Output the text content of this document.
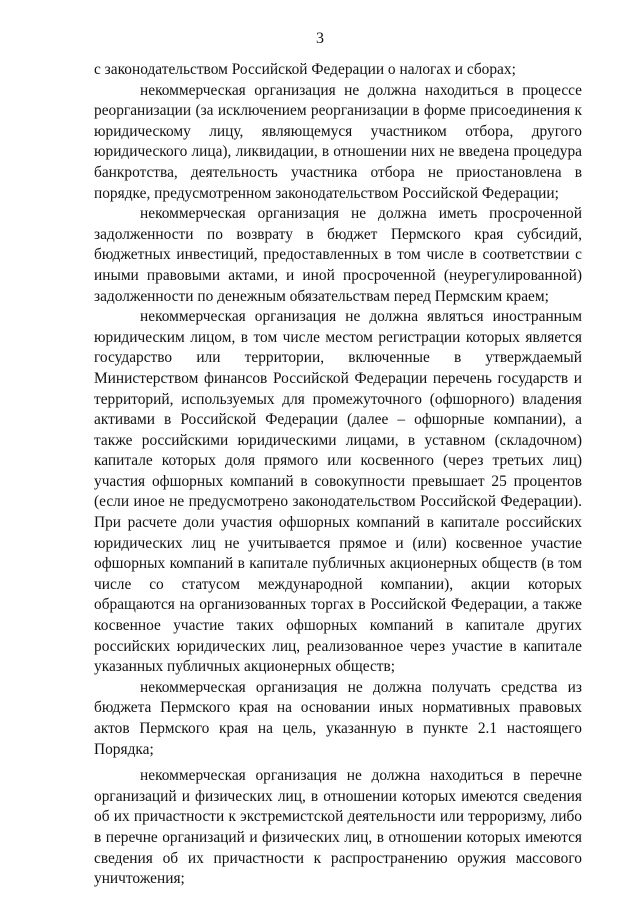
3

с законодательством Российской Федерации о налогах и сборах;

некоммерческая организация не должна находиться в процессе реорганизации (за исключением реорганизации в форме присоединения к юридическому лицу, являющемуся участником отбора, другого юридического лица), ликвидации, в отношении них не введена процедура банкротства, деятельность участника отбора не приостановлена в порядке, предусмотренном законодательством Российской Федерации;

некоммерческая организация не должна иметь просроченной задолженности по возврату в бюджет Пермского края субсидий, бюджетных инвестиций, предоставленных в том числе в соответствии с иными правовыми актами, и иной просроченной (неурегулированной) задолженности по денежным обязательствам перед Пермским краем;

некоммерческая организация не должна являться иностранным юридическим лицом, в том числе местом регистрации которых является государство или территории, включенные в утверждаемый Министерством финансов Российской Федерации перечень государств и территорий, используемых для промежуточного (офшорного) владения активами в Российской Федерации (далее – офшорные компании), а также российскими юридическими лицами, в уставном (складочном) капитале которых доля прямого или косвенного (через третьих лиц) участия офшорных компаний в совокупности превышает 25 процентов (если иное не предусмотрено законодательством Российской Федерации). При расчете доли участия офшорных компаний в капитале российских юридических лиц не учитывается прямое и (или) косвенное участие офшорных компаний в капитале публичных акционерных обществ (в том числе со статусом международной компании), акции которых обращаются на организованных торгах в Российской Федерации, а также косвенное участие таких офшорных компаний в капитале других российских юридических лиц, реализованное через участие в капитале указанных публичных акционерных обществ;

некоммерческая организация не должна получать средства из бюджета Пермского края на основании иных нормативных правовых актов Пермского края на цель, указанную в пункте 2.1 настоящего Порядка;

некоммерческая организация не должна находиться в перечне организаций и физических лиц, в отношении которых имеются сведения об их причастности к экстремистской деятельности или терроризму, либо в перечне организаций и физических лиц, в отношении которых имеются сведения об их причастности к распространению оружия массового уничтожения;
